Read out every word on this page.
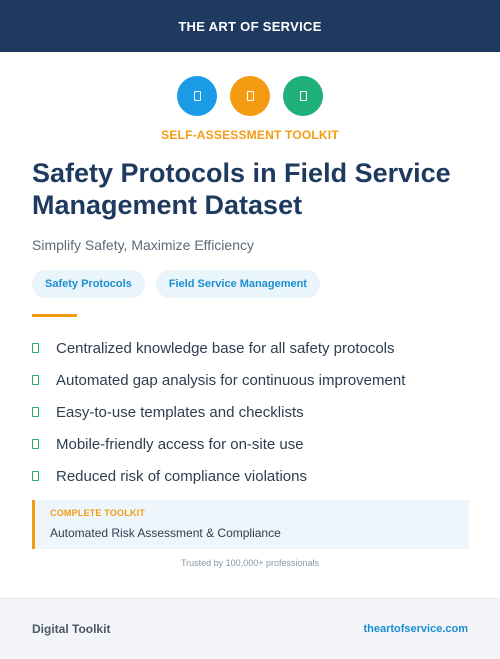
THE ART OF SERVICE
SELF-ASSESSMENT TOOLKIT
Safety Protocols in Field Service Management Dataset
Simplify Safety, Maximize Efficiency
Safety Protocols	Field Service Management
Centralized knowledge base for all safety protocols
Automated gap analysis for continuous improvement
Easy-to-use templates and checklists
Mobile-friendly access for on-site use
Reduced risk of compliance violations
COMPLETE TOOLKIT
Automated Risk Assessment & Compliance
Trusted by 100,000+ professionals
Digital Toolkit	theartofservice.com
